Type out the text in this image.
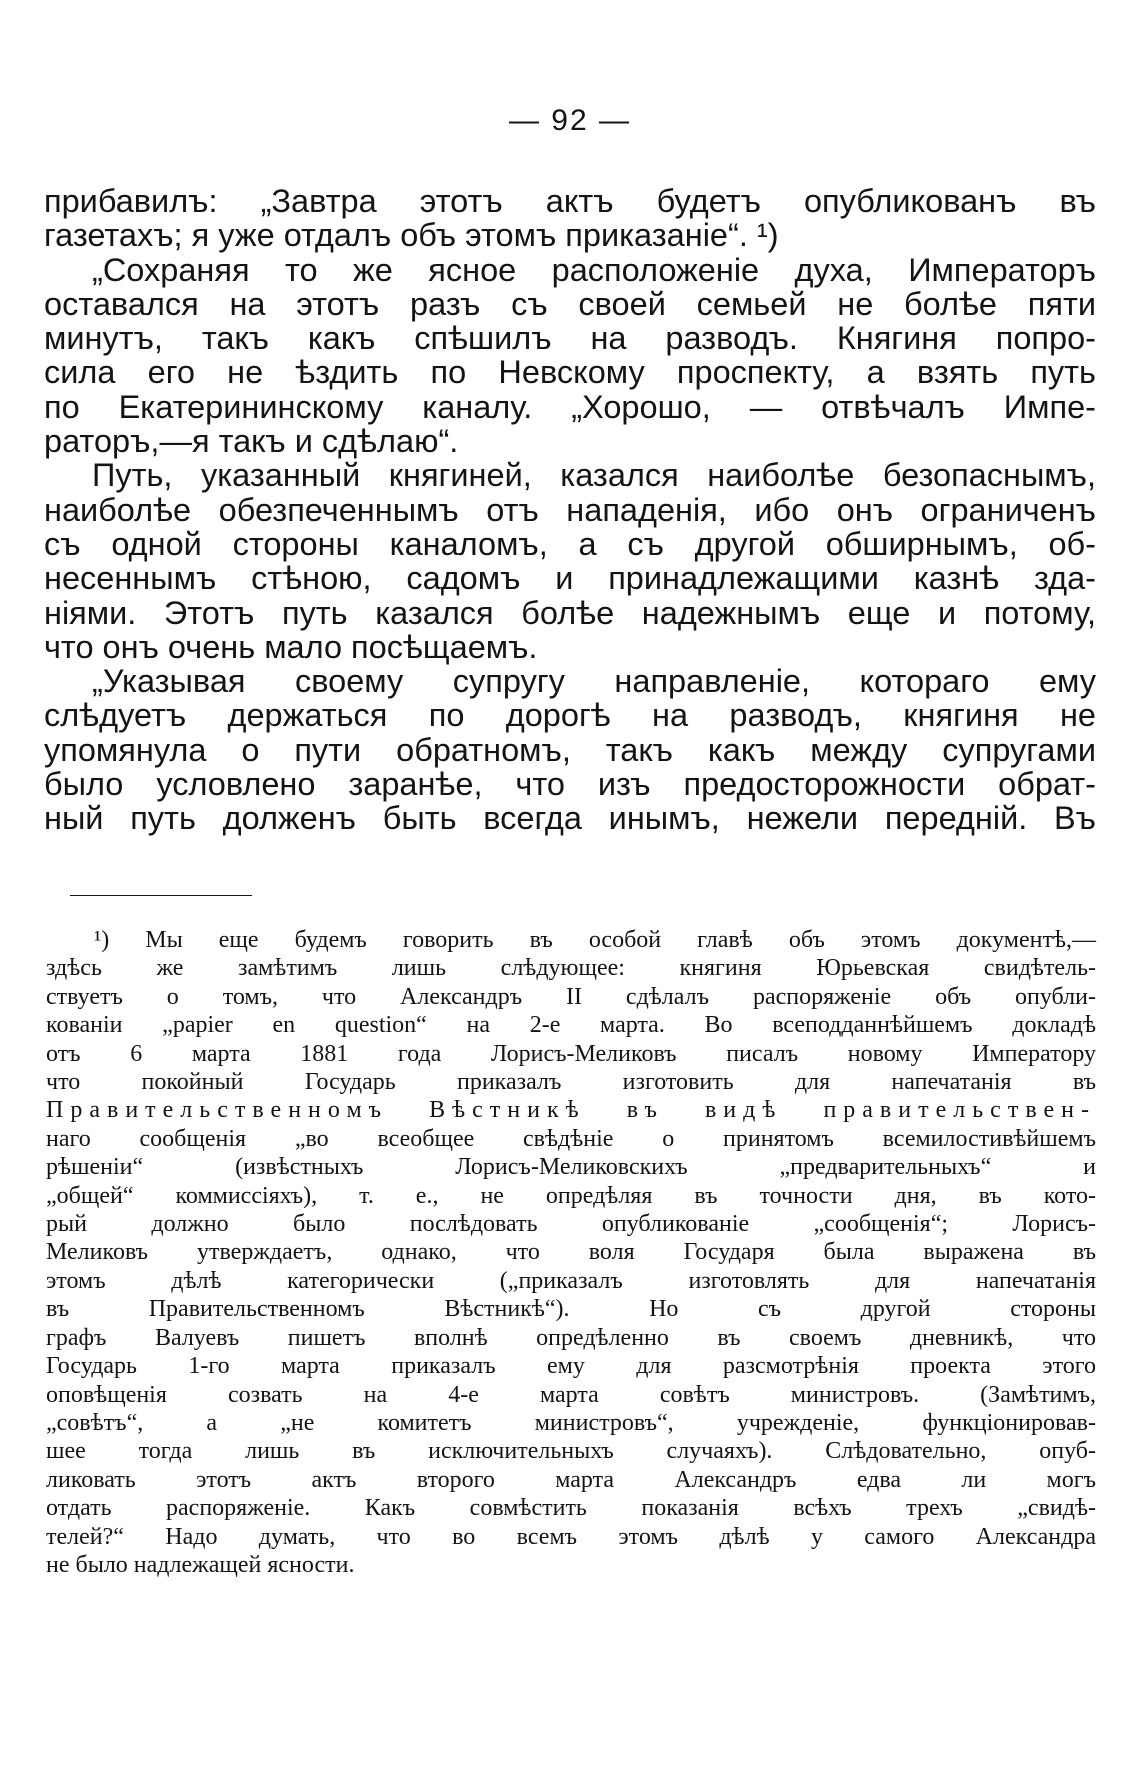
— 92 —
прибавилъ: „Завтра этотъ актъ будетъ опубликованъ въ
газетахъ; я уже отдалъ объ этомъ приказаніе“. ¹)
„Сохраняя то же ясное расположеніе духа, Императоръ
оставался на этотъ разъ съ своей семьей не болѣе пяти
минутъ, такъ какъ спѣшилъ на разводъ. Княгиня попро-
сила его не ѣздить по Невскому проспекту, а взять путь
по Екатерининскому каналу. „Хорошо, — отвѣчалъ Импе-
раторъ,—я такъ и сдѣлаю“.
Путь, указанный княгиней, казался наиболѣе безопаснымъ,
наиболѣе обезпеченнымъ отъ нападенія, ибо онъ ограниченъ
съ одной стороны каналомъ, а съ другой обширнымъ, об-
несеннымъ стѣною, садомъ и принадлежащими казнѣ зда-
ніями. Этотъ путь казался болѣе надежнымъ еще и потому,
что онъ очень мало посѣщаемъ.
„Указывая своему супругу направленіе, котораго ему
слѣдуетъ держаться по дорогѣ на разводъ, княгиня не
упомянула о пути обратномъ, такъ какъ между супругами
было условлено заранѣе, что изъ предосторожности обрат-
ный путь долженъ быть всегда инымъ, нежели передній. Въ
¹) Мы еще будемъ говорить въ особой главѣ объ этомъ документѣ,—
здѣсь же замѣтимъ лишь слѣдующее: княгиня Юрьевская свидѣтель-
ствуетъ о томъ, что Александръ II сдѣлалъ распоряженіе объ опубли-
кованіи „papier en question“ на 2-е марта. Во всеподданнѣйшемъ докладѣ
отъ 6 марта 1881 года Лорисъ-Меликовъ писалъ новому Императору
что покойный Государь приказалъ изготовить для напечатанія въ
Правительственномъ Вѣстникѣ въ видѣ правительствен-
наго сообщенія „во всеобщее свѣдѣніе о принятомъ всемилостивѣйшемъ
рѣшеніи“ (извѣстныхъ Лорисъ-Меликовскихъ „предварительныхъ“ и
„общей“ коммиссіяхъ), т. е., не опредѣляя въ точности дня, въ кото-
рый должно было послѣдовать опубликованіе „сообщенія“; Лорисъ-
Меликовъ утверждаетъ, однако, что воля Государя была выражена въ
этомъ дѣлѣ категорически („приказалъ изготовлять для напечатанія
въ Правительственномъ Вѣстникѣ“). Но съ другой стороны
графъ Валуевъ пишетъ вполнѣ опредѣленно въ своемъ дневникѣ, что
Государь 1-го марта приказалъ ему для разсмотрѣнія проекта этого
оповѣщенія созвать на 4-е марта совѣтъ министровъ. (Замѣтимъ,
„совѣтъ“, а „не комитетъ министровъ“, учрежденіе, функціонировав-
шее тогда лишь въ исключительныхъ случаяхъ). Слѣдовательно, опуб-
ликовать этотъ актъ второго марта Александръ едва ли могъ
отдать распоряженіе. Какъ совмѣстить показанія всѣхъ трехъ „свидѣ-
телей?“ Надо думать, что во всемъ этомъ дѣлѣ у самого Александра
не было надлежащей ясности.
